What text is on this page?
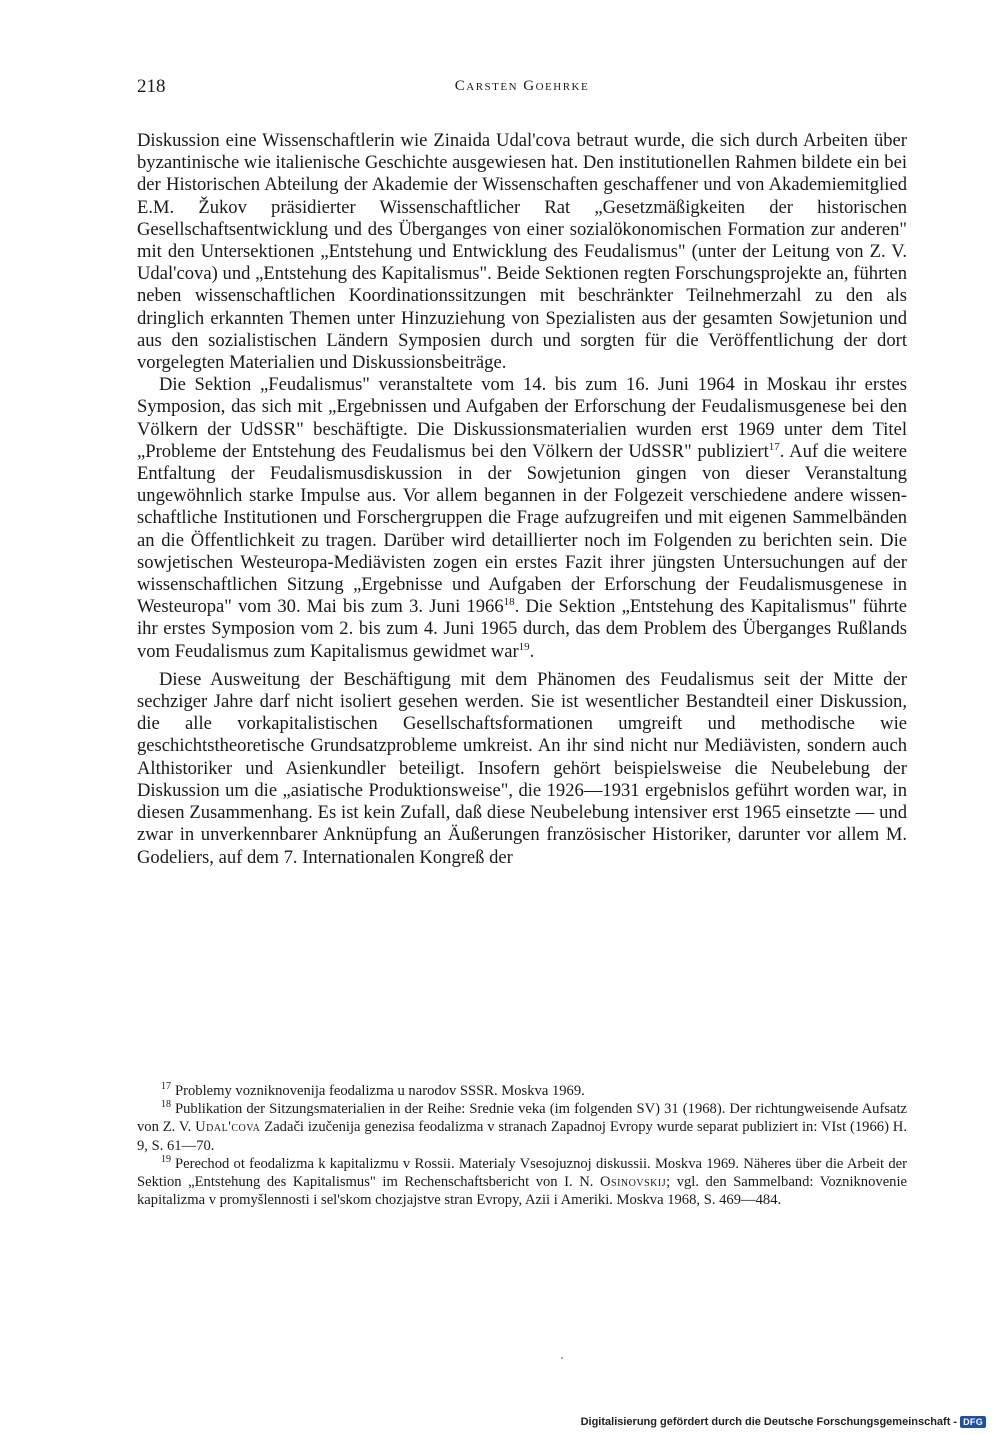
218	Carsten Goehrke

Diskussion eine Wissenschaftlerin wie Zinaida Udal'cova betraut wurde, die sich durch Arbeiten über byzantinische wie italienische Geschichte ausgewiesen hat. Den institutionellen Rahmen bildete ein bei der Historischen Abteilung der Akademie der Wissenschaften geschaffener und von Akademiemitglied E.M. Žukov präsidierter Wissenschaftlicher Rat „Gesetzmäßigkeiten der historischen Gesellschaftsentwicklung und des Überganges von einer sozialökonomischen Formation zur anderen" mit den Untersektionen „Entstehung und Entwicklung des Feudalismus" (unter der Leitung von Z. V. Udal'cova) und „Entstehung des Kapitalismus". Beide Sektionen regten Forschungsprojekte an, führten neben wissenschaftlichen Koordinationssitzungen mit beschränkter Teilnehmerzahl zu den als dringlich erkannten Themen unter Hinzuziehung von Spezialisten aus der gesamten Sowjetunion und aus den sozialistischen Ländern Symposien durch und sorgten für die Veröffentlichung der dort vorgelegten Materialien und Diskussionsbeiträge.

Die Sektion „Feudalismus" veranstaltete vom 14. bis zum 16. Juni 1964 in Moskau ihr erstes Symposion, das sich mit „Ergebnissen und Aufgaben der Erforschung der Feudalismusgenese bei den Völkern der UdSSR" beschäftigte. Die Diskussionsmaterialien wurden erst 1969 unter dem Titel „Probleme der Entstehung des Feudalismus bei den Völkern der UdSSR" publiziert$^{17}$. Auf die weitere Entfaltung der Feudalismusdiskussion in der Sowjetunion gingen von dieser Veranstaltung ungewöhnlich starke Impulse aus. Vor allem begannen in der Folgezeit verschiedene andere wissenschaftliche Institutionen und Forschergruppen die Frage aufzugreifen und mit eigenen Sammelbänden an die Öffentlichkeit zu tragen. Darüber wird detaillierter noch im Folgenden zu berichten sein. Die sowjetischen Westeuropa-Mediävisten zogen ein erstes Fazit ihrer jüngsten Untersuchungen auf der wissenschaftlichen Sitzung „Ergebnisse und Aufgaben der Erforschung der Feudalismusgenese in Westeuropa" vom 30. Mai bis zum 3. Juni 1966$^{18}$. Die Sektion „Entstehung des Kapitalismus" führte ihr erstes Symposion vom 2. bis zum 4. Juni 1965 durch, das dem Problem des Überganges Rußlands vom Feudalismus zum Kapitalismus gewidmet war$^{19}$.

Diese Ausweitung der Beschäftigung mit dem Phänomen des Feudalismus seit der Mitte der sechziger Jahre darf nicht isoliert gesehen werden. Sie ist wesentlicher Bestandteil einer Diskussion, die alle vorkapitalistischen Gesellschaftsformationen umgreift und methodische wie geschichtstheoretische Grundsatzprobleme umkreist. An ihr sind nicht nur Mediävisten, sondern auch Althistoriker und Asienkundler beteiligt. Insofern gehört beispielsweise die Neubelebung der Diskussion um die „asiatische Produktionsweise", die 1926—1931 ergebnislos geführt worden war, in diesen Zusammenhang. Es ist kein Zufall, daß diese Neubelebung intensiver erst 1965 einsetzte — und zwar in unverkennbarer Anknüpfung an Äußerungen französischer Historiker, darunter vor allem M. Godeliers, auf dem 7. Internationalen Kongreß der

$^{17}$ Problemy vozniknovenija feodalizma u narodov SSSR. Moskva 1969.

$^{18}$ Publikation der Sitzungsmaterialien in der Reihe: Srednie veka (im folgenden SV) 31 (1968). Der richtungweisende Aufsatz von Z. V. Udal'cova Zadači izučenija genezisa feodalizma v stranach Zapadnoj Evropy wurde separat publiziert in: VIst (1966) H. 9, S. 61—70.

$^{19}$ Perechod ot feodalizma k kapitalizmu v Rossii. Materialy Vsesojuznoj diskussii. Moskva 1969. Näheres über die Arbeit der Sektion „Entstehung des Kapitalismus" im Rechenschaftsbericht von I. N. Osinovskij; vgl. den Sammelband: Vozniknovenie kapitalizma v promyšlennosti i sel'skom chozjajstve stran Evropy, Azii i Ameriki. Moskva 1968, S. 469—484.

Digitalisierung gefördert durch die Deutsche Forschungsgemeinschaft - DFG
